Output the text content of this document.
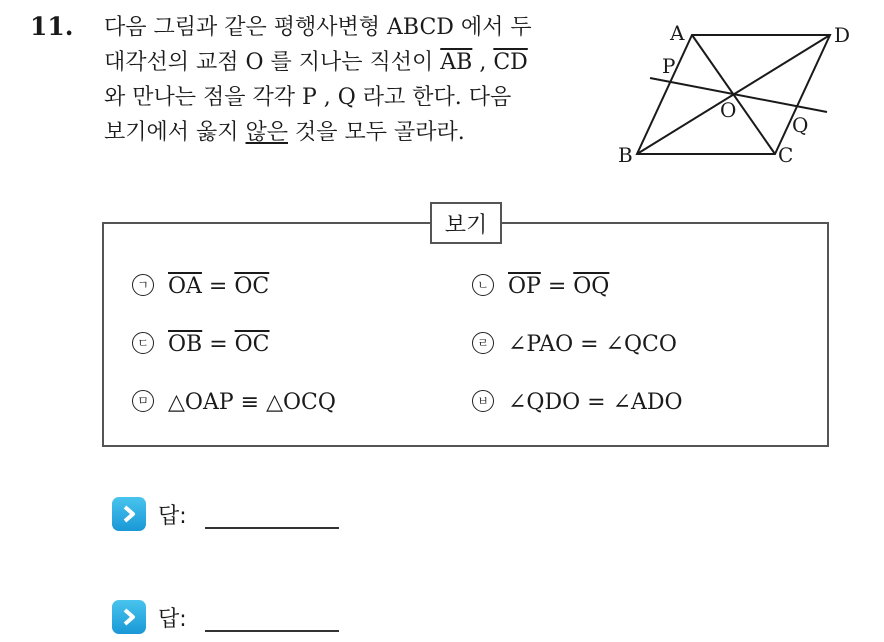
11. 다음 그림과 같은 평행사변형 ABCD 에서 두
대각선의 교점 O 를 지나는 직선이 $\overline{AB}$ , $\overline{CD}$
와 만나는 점을 각각 P , Q 라고 한다. 다음
보기에서 옳지 않은 것을 모두 골라라.
A	D
P
O
Q
B	C
보기
ㄱ $\overline{OA} = \overline{OC}$	ㄴ $\overline{OP} = \overline{OQ}$
ㄷ $\overline{OB} = \overline{OC}$	ㄹ ∠PAO = ∠QCO
ㅁ △OAP ≡ △OCQ	ㅂ ∠QDO = ∠ADO
답:
답:
